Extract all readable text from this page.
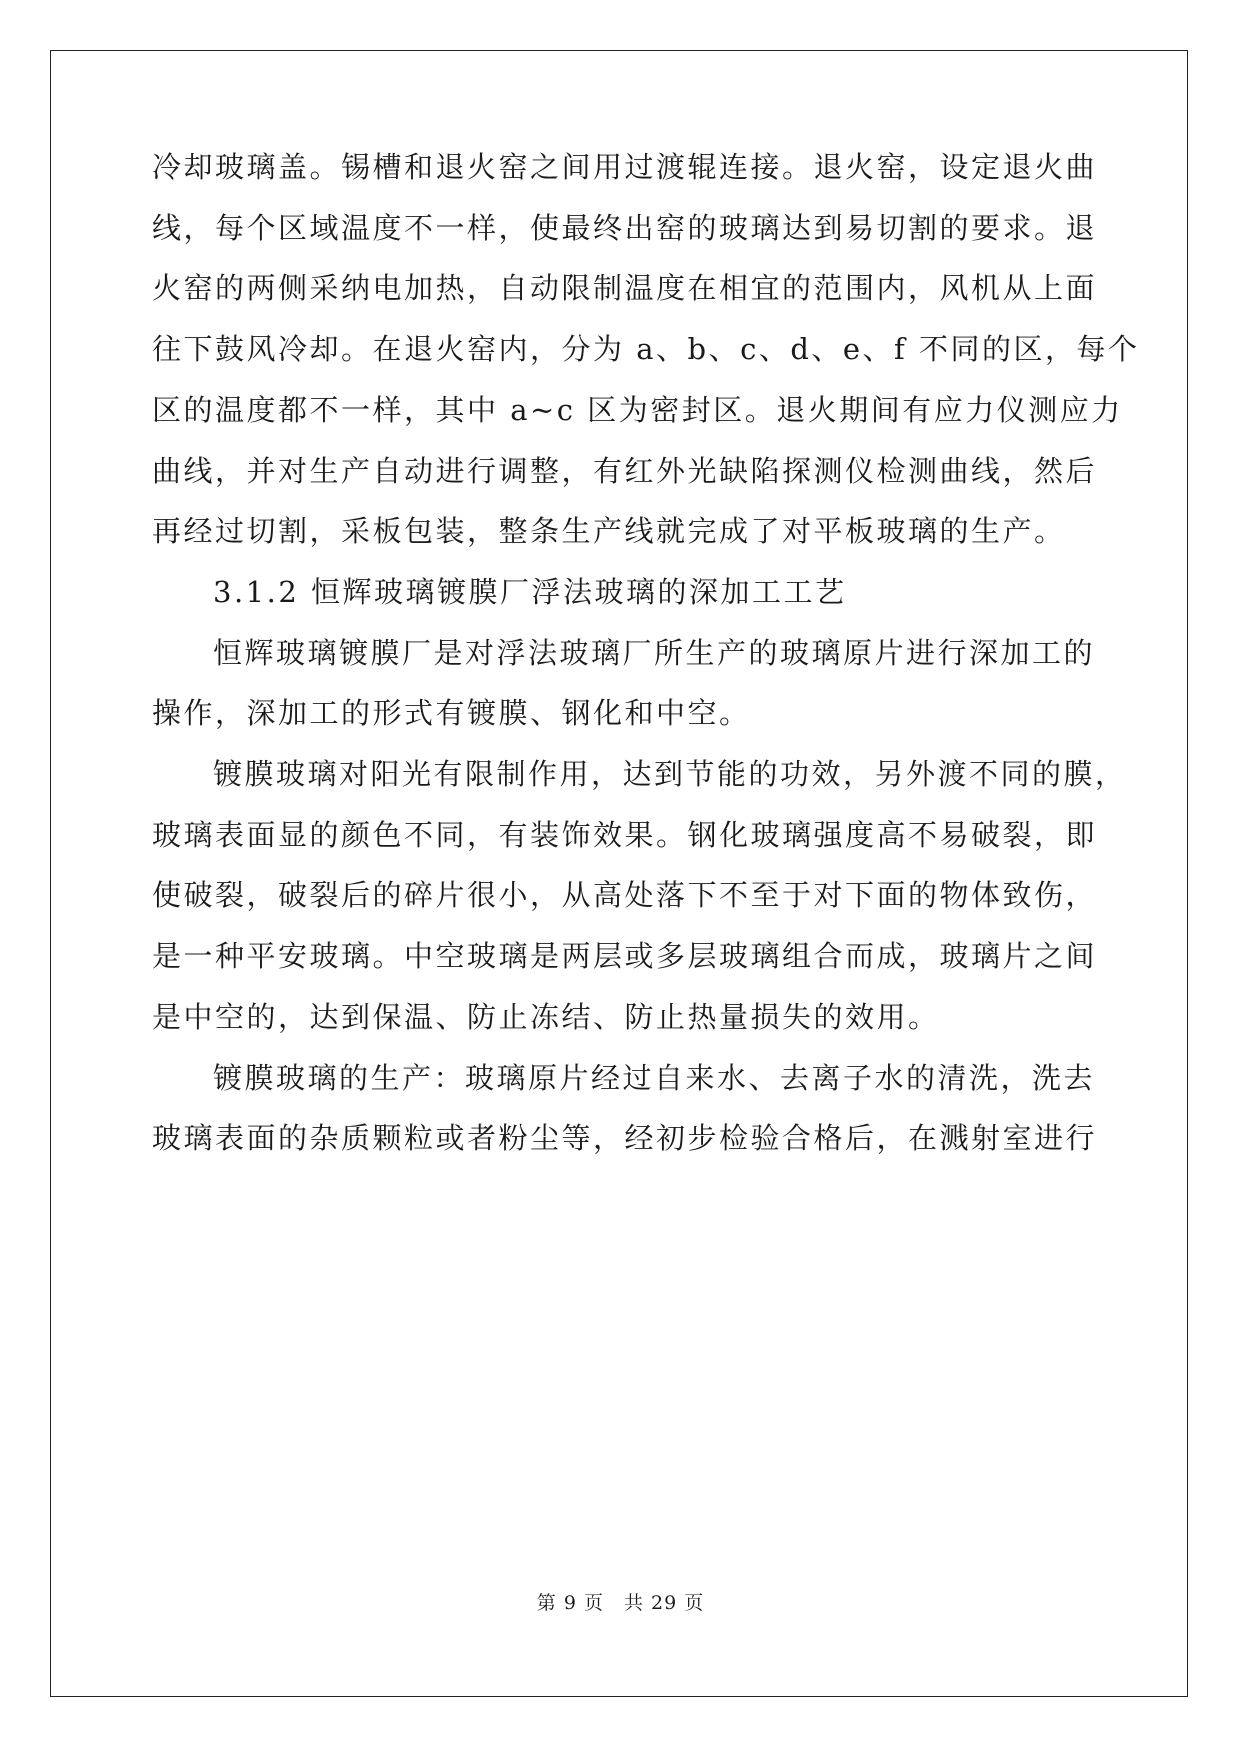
冷却玻璃盖。锡槽和退火窑之间用过渡辊连接。退火窑，设定退火曲
线，每个区域温度不一样，使最终出窑的玻璃达到易切割的要求。退
火窑的两侧采纳电加热，自动限制温度在相宜的范围内，风机从上面
往下鼓风冷却。在退火窑内，分为 a、b、c、d、e、f 不同的区，每个
区的温度都不一样，其中 a~c 区为密封区。退火期间有应力仪测应力
曲线，并对生产自动进行调整，有红外光缺陷探测仪检测曲线，然后
再经过切割，采板包装，整条生产线就完成了对平板玻璃的生产。
3.1.2 恒辉玻璃镀膜厂浮法玻璃的深加工工艺
恒辉玻璃镀膜厂是对浮法玻璃厂所生产的玻璃原片进行深加工的
操作，深加工的形式有镀膜、钢化和中空。
镀膜玻璃对阳光有限制作用，达到节能的功效，另外渡不同的膜，
玻璃表面显的颜色不同，有装饰效果。钢化玻璃强度高不易破裂，即
使破裂，破裂后的碎片很小，从高处落下不至于对下面的物体致伤，
是一种平安玻璃。中空玻璃是两层或多层玻璃组合而成，玻璃片之间
是中空的，达到保温、防止冻结、防止热量损失的效用。
镀膜玻璃的生产：玻璃原片经过自来水、去离子水的清洗，洗去
玻璃表面的杂质颗粒或者粉尘等，经初步检验合格后，在溅射室进行
第 9 页　共 29 页
